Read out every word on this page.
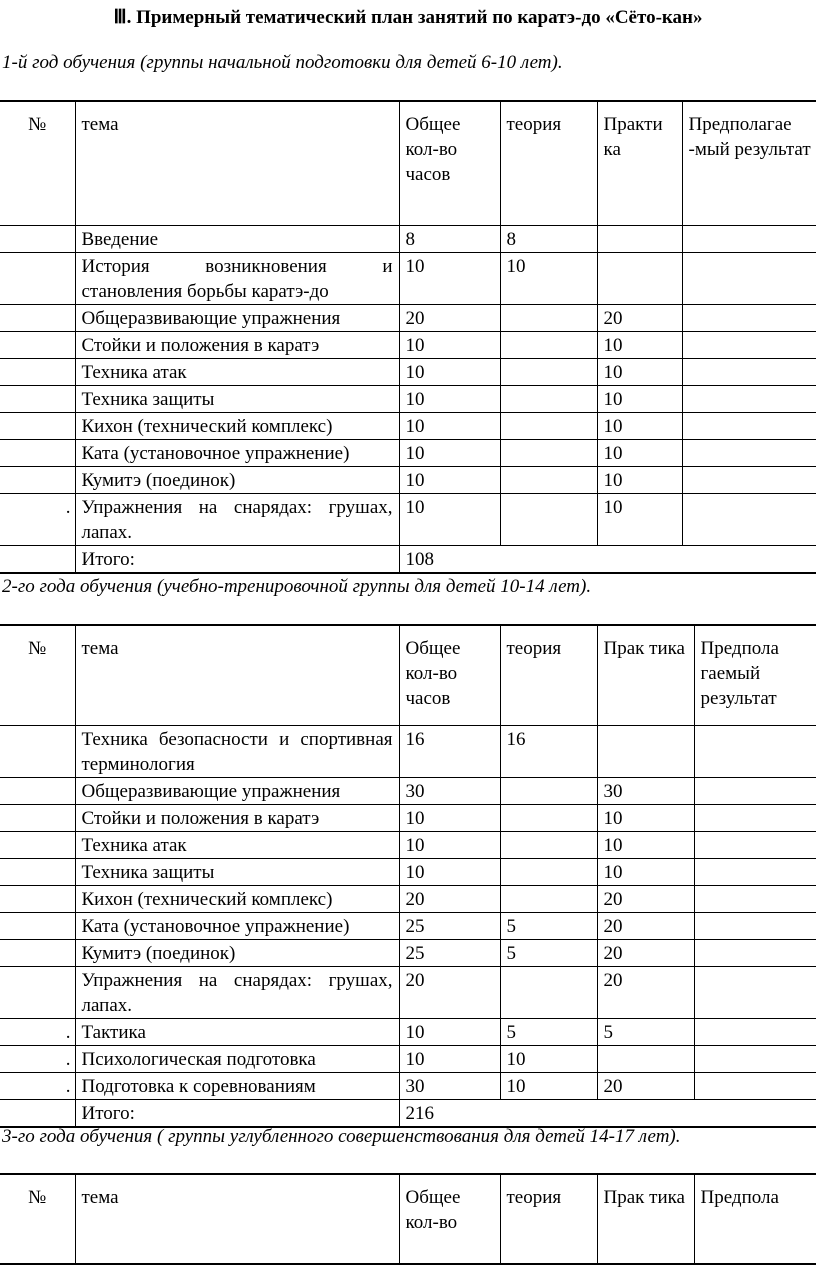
Ⅲ. Примерный тематический план занятий по каратэ-до «Сёто-кан»
1-й год обучения (группы начальной подготовки для детей 6-10 лет).
№	тема	Общее кол-во часов	теория	Практи ка	Предполагае -мый результат
	Введение	8	8		
	История возникновения и становления борьбы каратэ-до	10	10		
	Общеразвивающие упражнения	20		20	
	Стойки и положения в каратэ	10		10	
	Техника атак	10		10	
	Техника защиты	10		10	
	Кихон (технический комплекс)	10		10	
	Ката (установочное упражнение)	10		10	
	Кумитэ (поединок)	10		10	
.	Упражнения на снарядах: грушах, лапах.	10		10	
	Итого:	108			
2-го года обучения (учебно-тренировочной группы для детей 10-14 лет).
№	тема	Общее кол-во часов	теория	Прак тика	Предпола гаемый результат
	Техника безопасности и спортивная терминология	16	16		
	Общеразвивающие упражнения	30		30	
	Стойки и положения в каратэ	10		10	
	Техника атак	10		10	
	Техника защиты	10		10	
	Кихон (технический комплекс)	20		20	
	Ката (установочное упражнение)	25	5	20	
	Кумитэ (поединок)	25	5	20	
	Упражнения на снарядах: грушах, лапах.	20		20	
.	Тактика	10	5	5	
.	Психологическая подготовка	10	10		
.	Подготовка к соревнованиям	30	10	20	
	Итого:	216			
3-го года обучения ( группы углубленного совершенствования для детей 14-17 лет).
№	тема	Общее кол-во	теория	Прак тика	Предпола
